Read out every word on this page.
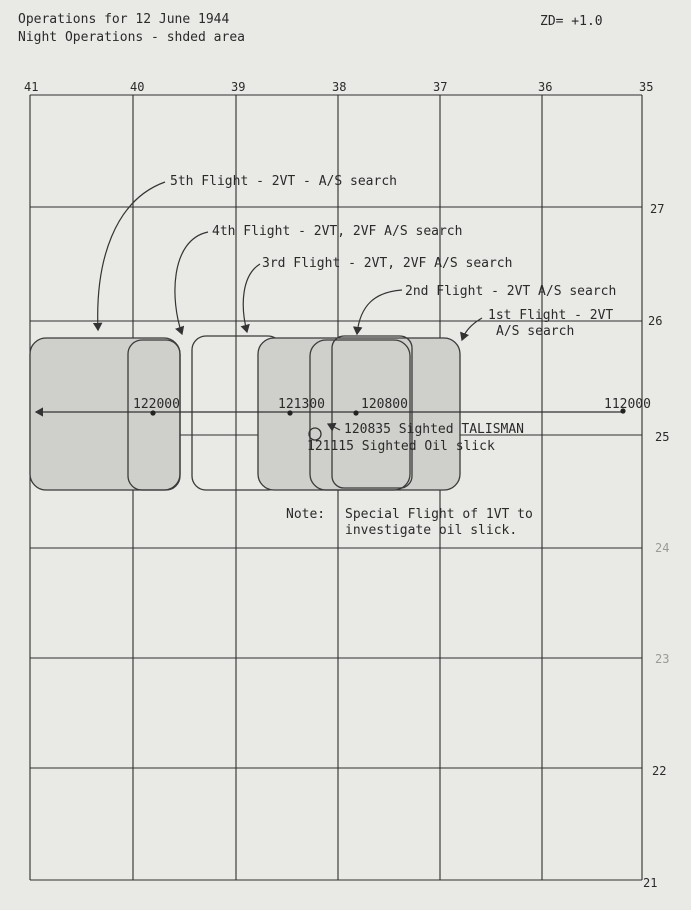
Operations for 12 June 1944
Night Operations - shded area
ZD= +1.0
41	40	39	38	37	36	35
27
26
25
24
23
22
21
5th Flight - 2VT - A/S search
4th Flight - 2VT, 2VF A/S search
3rd Flight - 2VT, 2VF A/S search
2nd Flight - 2VT A/S search
1st Flight - 2VT
A/S search
122000	121300	120800	112000
120835 Sighted TALISMAN
121115 Sighted Oil slick
Note: Special Flight of 1VT to
investigate oil slick.
